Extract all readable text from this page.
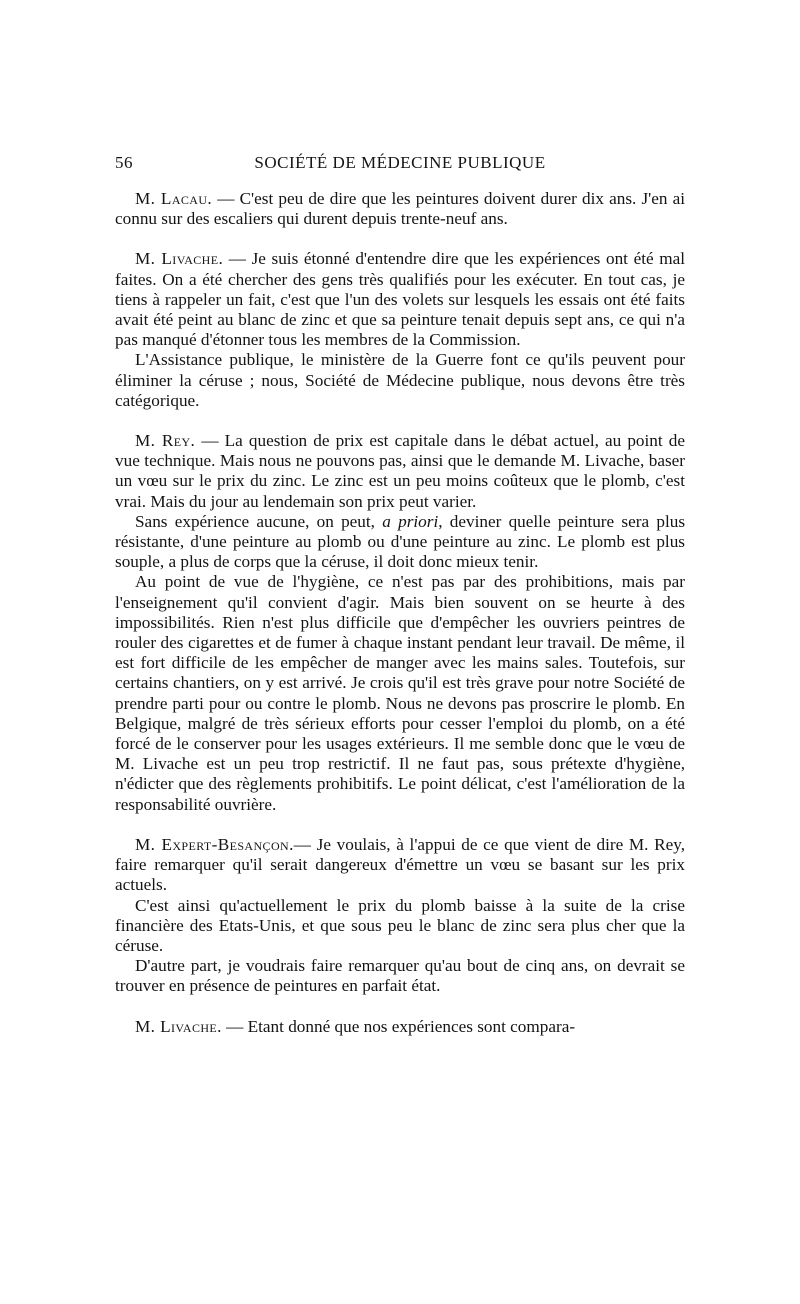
56	SOCIÉTÉ DE MÉDECINE PUBLIQUE

M. Lacau. — C'est peu de dire que les peintures doivent durer dix ans. J'en ai connu sur des escaliers qui durent depuis trente-neuf ans.

M. Livache. — Je suis étonné d'entendre dire que les expériences ont été mal faites. On a été chercher des gens très qualifiés pour les exécuter. En tout cas, je tiens à rappeler un fait, c'est que l'un des volets sur lesquels les essais ont été faits avait été peint au blanc de zinc et que sa peinture tenait depuis sept ans, ce qui n'a pas manqué d'étonner tous les membres de la Commission.

L'Assistance publique, le ministère de la Guerre font ce qu'ils peuvent pour éliminer la céruse ; nous, Société de Médecine publique, nous devons être très catégorique.

M. Rey. — La question de prix est capitale dans le débat actuel, au point de vue technique. Mais nous ne pouvons pas, ainsi que le demande M. Livache, baser un vœu sur le prix du zinc. Le zinc est un peu moins coûteux que le plomb, c'est vrai. Mais du jour au lendemain son prix peut varier.

Sans expérience aucune, on peut, a priori, deviner quelle peinture sera plus résistante, d'une peinture au plomb ou d'une peinture au zinc. Le plomb est plus souple, a plus de corps que la céruse, il doit donc mieux tenir.

Au point de vue de l'hygiène, ce n'est pas par des prohibitions, mais par l'enseignement qu'il convient d'agir. Mais bien souvent on se heurte à des impossibilités. Rien n'est plus difficile que d'empêcher les ouvriers peintres de rouler des cigarettes et de fumer à chaque instant pendant leur travail. De même, il est fort difficile de les empêcher de manger avec les mains sales. Toutefois, sur certains chantiers, on y est arrivé. Je crois qu'il est très grave pour notre Société de prendre parti pour ou contre le plomb. Nous ne devons pas proscrire le plomb. En Belgique, malgré de très sérieux efforts pour cesser l'emploi du plomb, on a été forcé de le conserver pour les usages extérieurs. Il me semble donc que le vœu de M. Livache est un peu trop restrictif. Il ne faut pas, sous prétexte d'hygiène, n'édicter que des règlements prohibitifs. Le point délicat, c'est l'amélioration de la responsabilité ouvrière.

M. Expert-Besançon.— Je voulais, à l'appui de ce que vient de dire M. Rey, faire remarquer qu'il serait dangereux d'émettre un vœu se basant sur les prix actuels.

C'est ainsi qu'actuellement le prix du plomb baisse à la suite de la crise financière des Etats-Unis, et que sous peu le blanc de zinc sera plus cher que la céruse.

D'autre part, je voudrais faire remarquer qu'au bout de cinq ans, on devrait se trouver en présence de peintures en parfait état.

M. Livache. — Etant donné que nos expériences sont compara-
